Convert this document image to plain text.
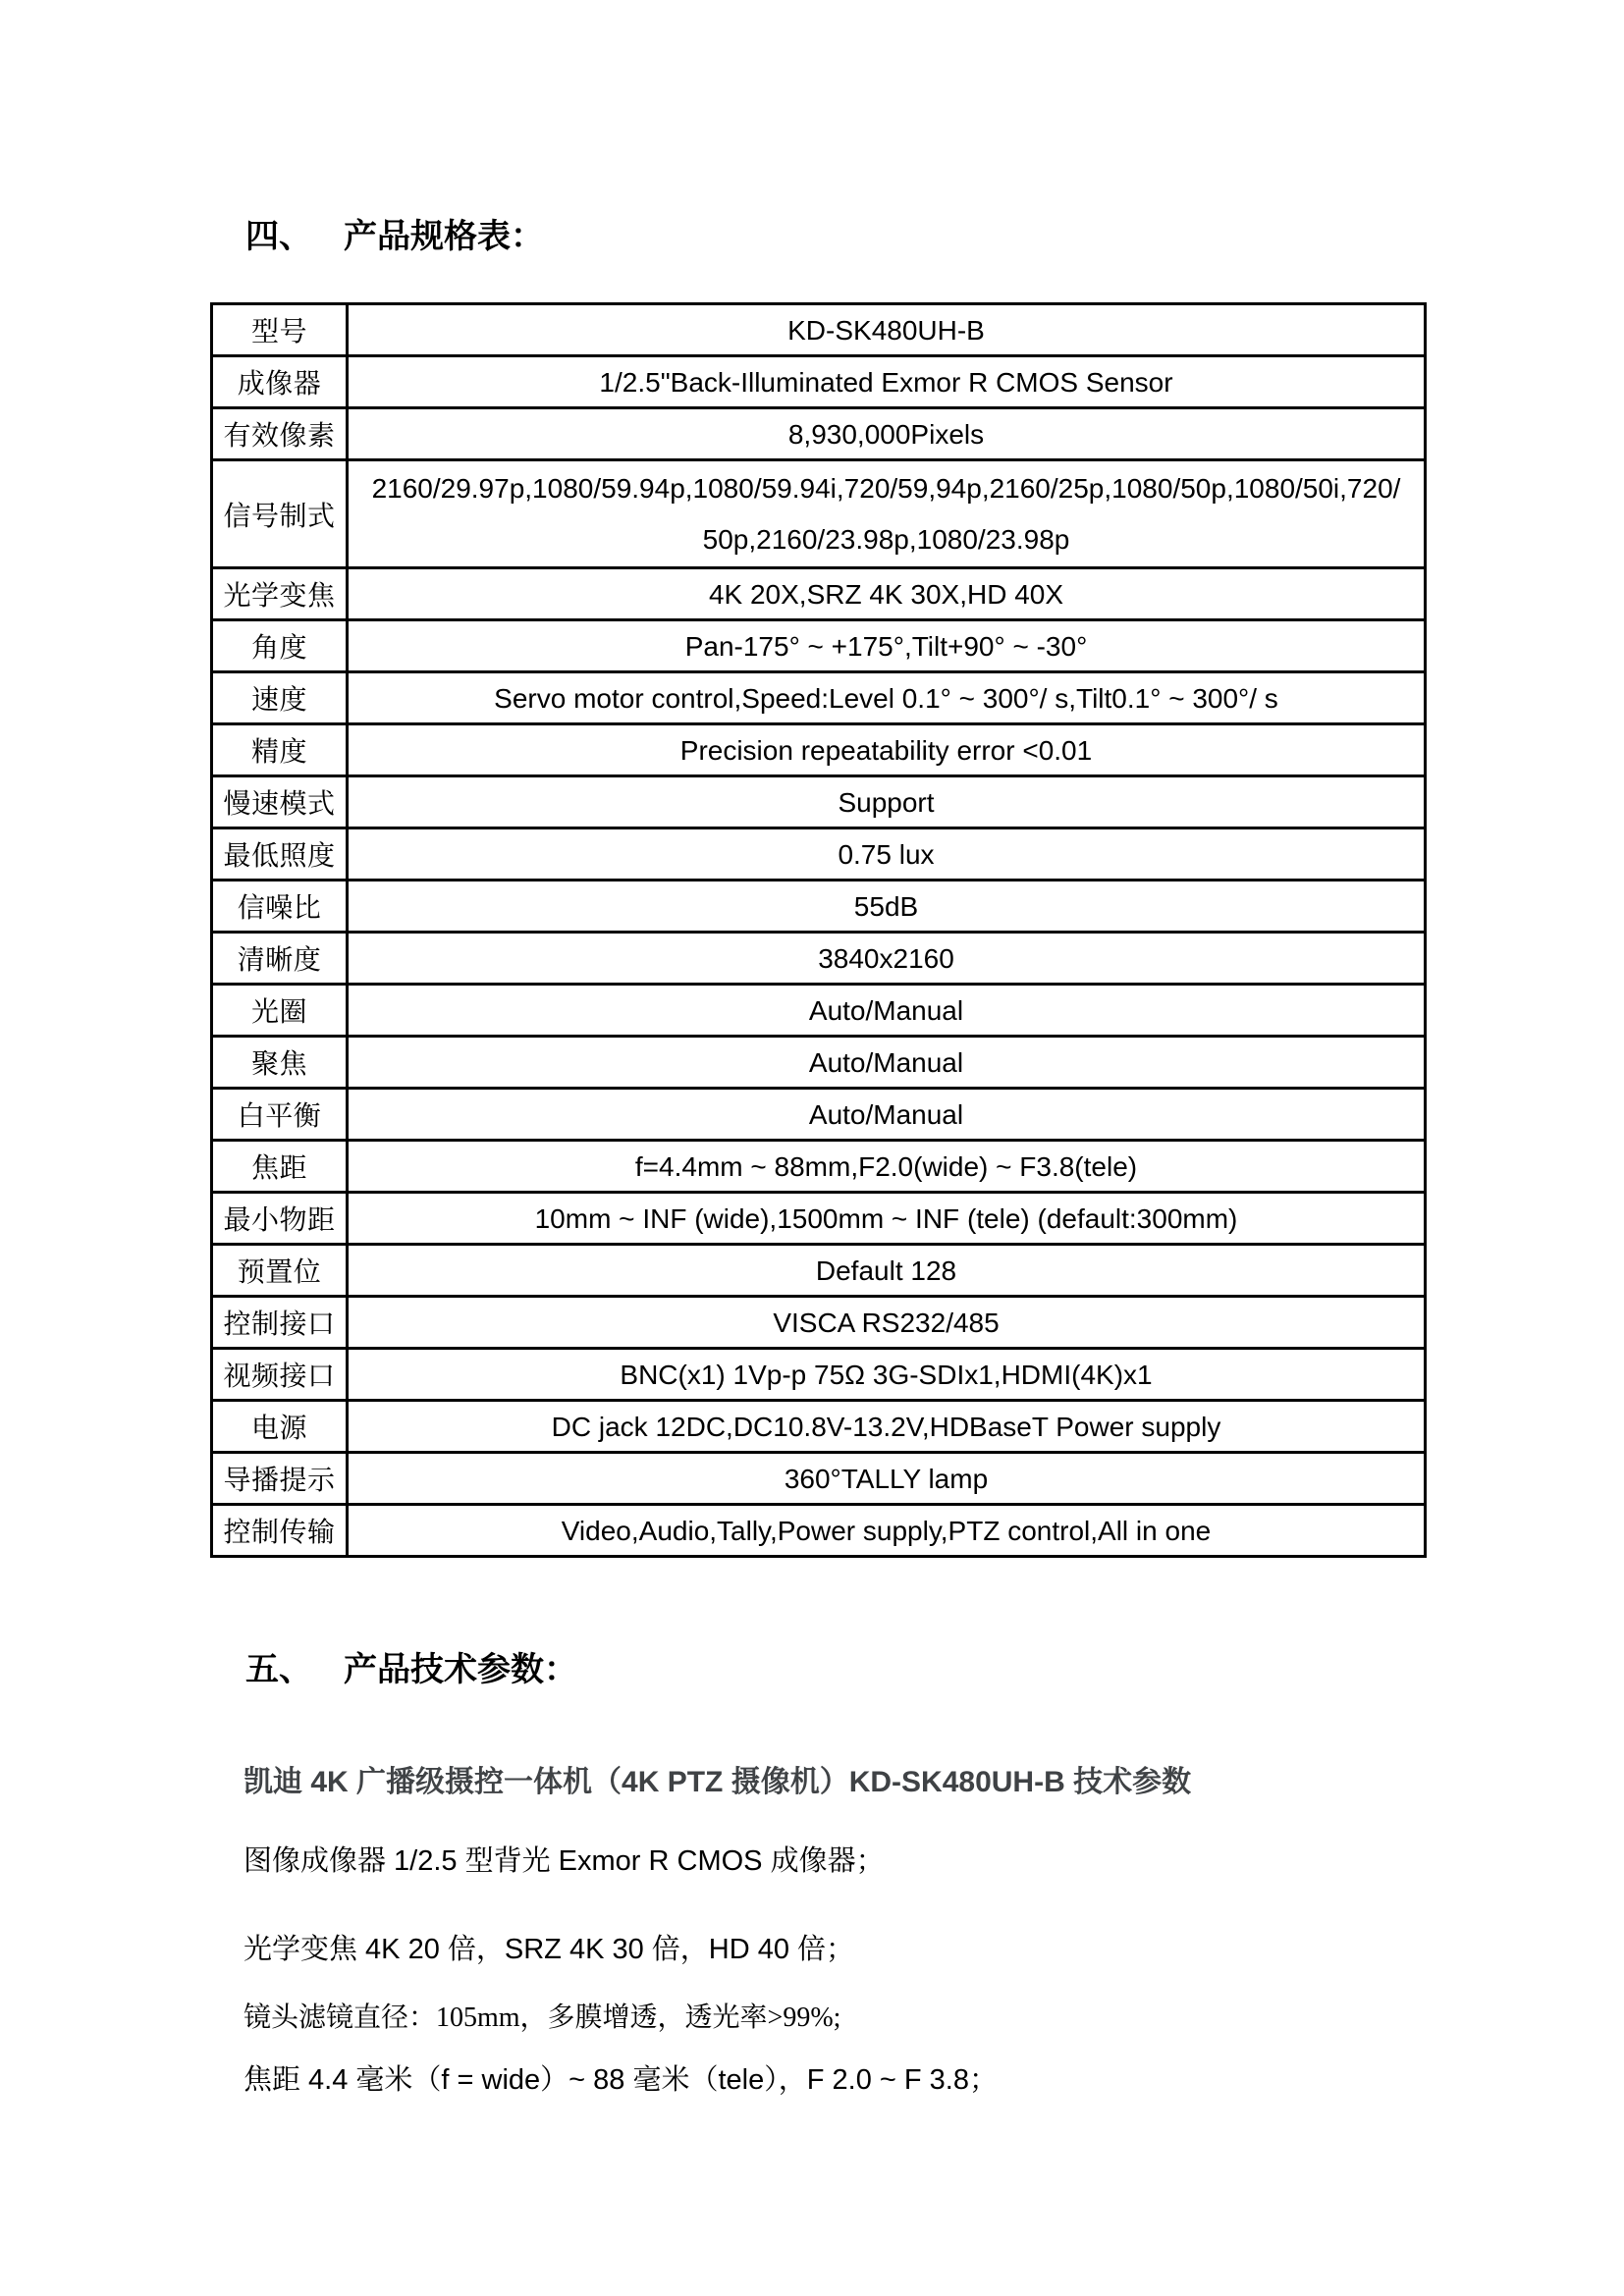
四、 产品规格表：
型号	KD-SK480UH-B

成像器	1/2.5"Back-Illuminated Exmor R CMOS Sensor

有效像素	8,930,000Pixels

信号制式	2160/29.97p,1080/59.94p,1080/59.94i,720/59,94p,2160/25p,1080/50p,1080/50i,720/
50p,2160/23.98p,1080/23.98p

光学变焦	4K 20X,SRZ 4K 30X,HD 40X

角度	Pan-175° ~ +175°,Tilt+90° ~ -30°

速度	Servo motor control,Speed:Level 0.1° ~ 300°/ s,Tilt0.1° ~ 300°/ s

精度	Precision repeatability error <0.01

慢速模式	Support

最低照度	0.75 lux

信噪比	55dB

清晰度	3840x2160

光圈	Auto/Manual

聚焦	Auto/Manual

白平衡	Auto/Manual

焦距	f=4.4mm ~ 88mm,F2.0(wide) ~ F3.8(tele)

最小物距	10mm ~ INF (wide),1500mm ~ INF (tele) (default:300mm)

预置位	Default 128

控制接口	VISCA RS232/485

视频接口	BNC(x1) 1Vp-p 75Ω 3G-SDIx1,HDMI(4K)x1

电源	DC jack 12DC,DC10.8V-13.2V,HDBaseT Power supply

导播提示	360°TALLY lamp

控制传输	Video,Audio,Tally,Power supply,PTZ control,All in one
五、 产品技术参数：
凯迪 4K 广播级摄控一体机（4K PTZ 摄像机）KD-SK480UH-B 技术参数
图像成像器 1/2.5 型背光 Exmor R CMOS 成像器；
光学变焦 4K 20 倍，SRZ 4K 30 倍，HD 40 倍；
镜头滤镜直径：105mm，多膜增透，透光率>99%;
焦距 4.4 毫米（f = wide）~ 88 毫米（tele），F 2.0 ~ F 3.8；
